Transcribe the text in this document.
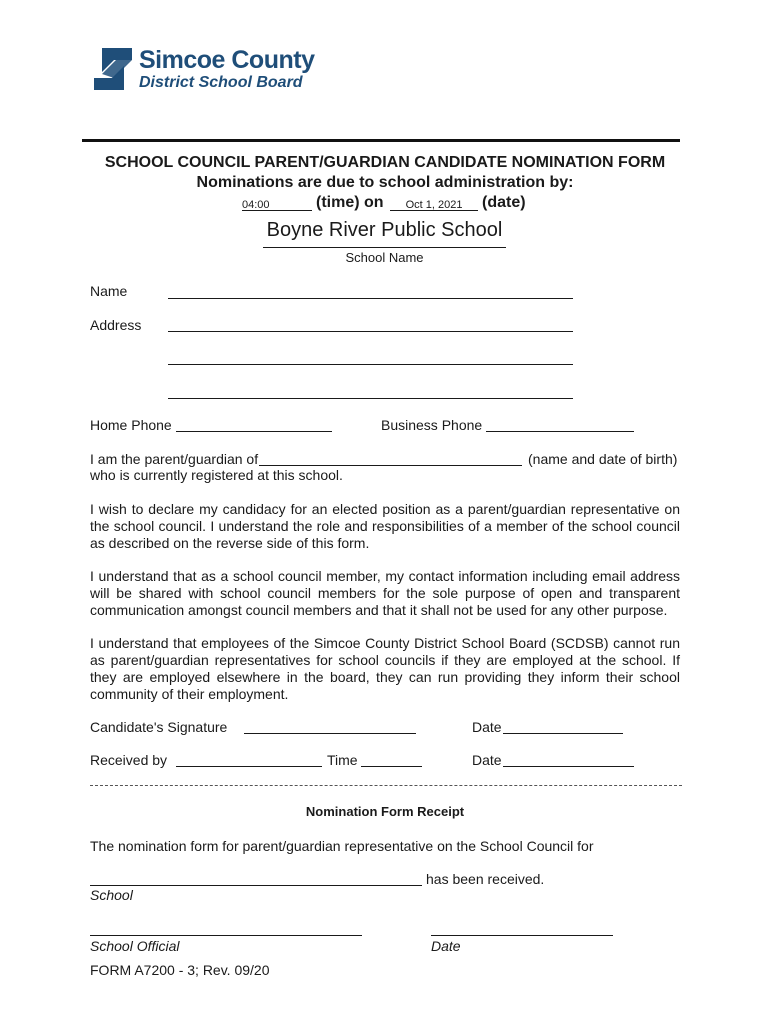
Simcoe County
District School Board
SCHOOL COUNCIL PARENT/GUARDIAN CANDIDATE NOMINATION FORM
Nominations are due to school administration by:
04:00	(time) on	Oct 1, 2021	(date)
Boyne River Public School
School Name
Name
Address
Home Phone	Business Phone
I am the parent/guardian of	(name and date of birth)
who is currently registered at this school.
I wish to declare my candidacy for an elected position as a parent/guardian representative on the school council. I understand the role and responsibilities of a member of the school council as described on the reverse side of this form.
I understand that as a school council member, my contact information including email address will be shared with school council members for the sole purpose of open and transparent communication amongst council members and that it shall not be used for any other purpose.
I understand that employees of the Simcoe County District School Board (SCDSB) cannot run as parent/guardian representatives for school councils if they are employed at the school. If they are employed elsewhere in the board, they can run providing they inform their school community of their employment.
Candidate's Signature	Date
Received by	Time	Date
Nomination Form Receipt
The nomination form for parent/guardian representative on the School Council for
has been received.
School
School Official	Date
FORM A7200 - 3; Rev. 09/20
